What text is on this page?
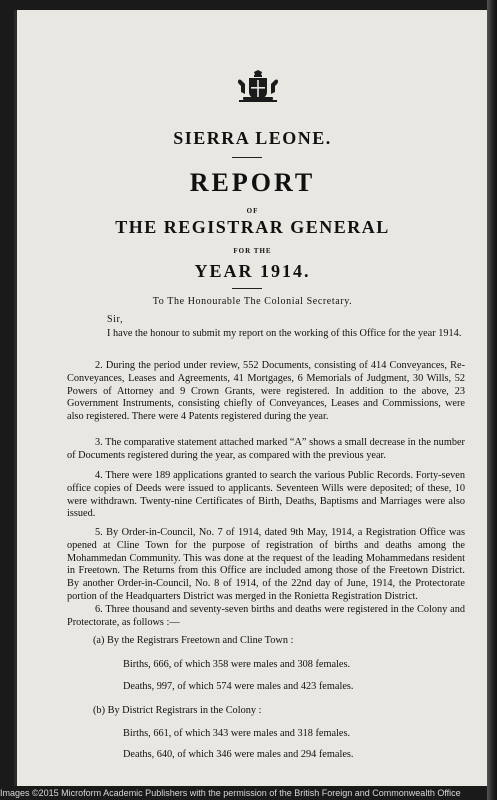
SIERRA LEONE.
REPORT
OF
THE REGISTRAR GENERAL
FOR THE
YEAR 1914.
To The Honourable The Colonial Secretary.
Sir,

I have the honour to submit my report on the working of this Office for the year 1914.

2. During the period under review, 552 Documents, consisting of 414 Conveyances, Re-Conveyances, Leases and Agreements, 41 Mortgages, 6 Memorials of Judgment, 30 Wills, 52 Powers of Attorney and 9 Crown Grants, were registered. In addition to the above, 23 Government Instruments, consisting chiefly of Conveyances, Leases and Commissions, were also registered. There were 4 Patents registered during the year.

3. The comparative statement attached marked “A” shows a small decrease in the number of Documents registered during the year, as compared with the previous year.

4. There were 189 applications granted to search the various Public Records. Forty-seven office copies of Deeds were issued to applicants. Seventeen Wills were deposited; of these, 10 were withdrawn. Twenty-nine Certificates of Birth, Deaths, Baptisms and Marriages were also issued.

5. By Order-in-Council, No. 7 of 1914, dated 9th May, 1914, a Registration Office was opened at Cline Town for the purpose of registration of births and deaths among the Mohammedan Community. This was done at the request of the leading Mohammedans resident in Freetown. The Returns from this Office are included among those of the Freetown District. By another Order-in-Council, No. 8 of 1914, of the 22nd day of June, 1914, the Protectorate portion of the Headquarters District was merged in the Ronietta Registration District.

6. Three thousand and seventy-seven births and deaths were registered in the Colony and Protectorate, as follows :—

(a) By the Registrars Freetown and Cline Town :
Births, 666, of which 358 were males and 308 females.
Deaths, 997, of which 574 were males and 423 females.
(b) By District Registrars in the Colony :
Births, 661, of which 343 were males and 318 females.
Deaths, 640, of which 346 were males and 294 females.
Images ©2015 Microform Academic Publishers with the permission of the British Foreign and Commonwealth Office
